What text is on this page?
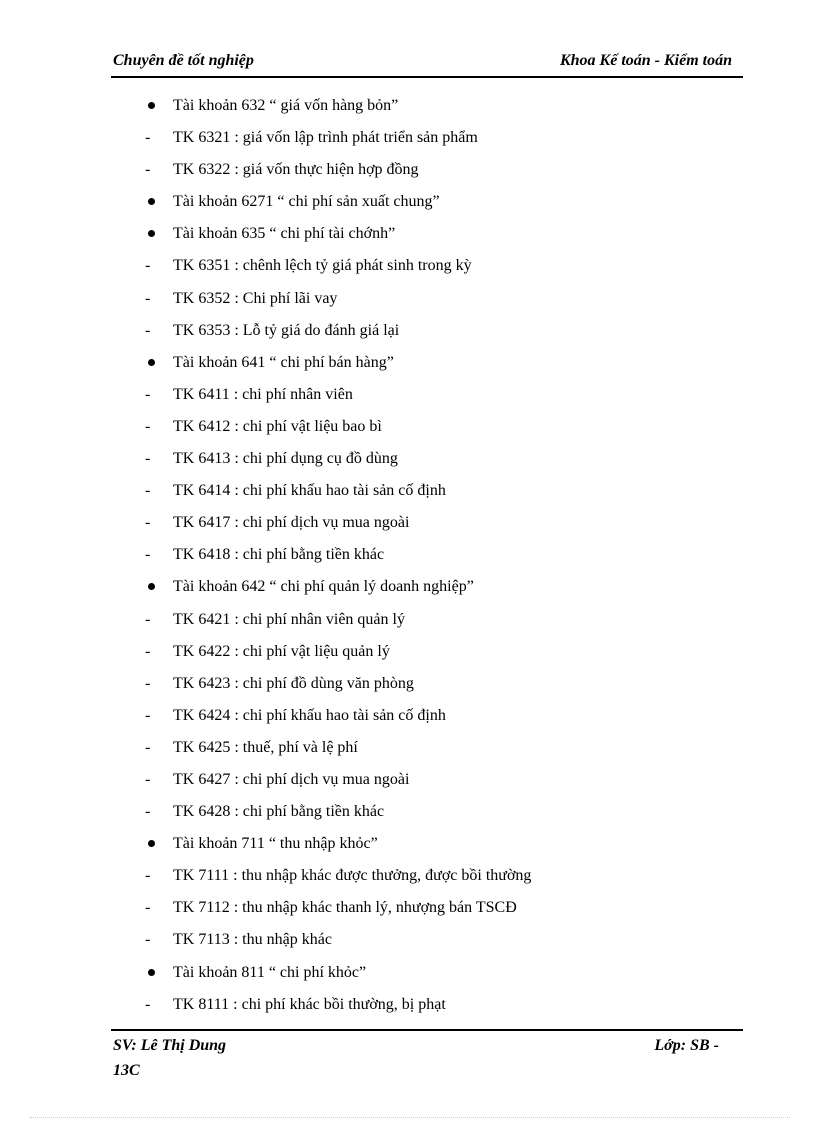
Chuyên đề tốt nghiệp	Khoa Kế toán - Kiểm toán
Tài khoản 632 “ giá vốn hàng bỏn”
-	TK 6321 : giá vốn lập trình phát triển sản phẩm
-	TK 6322 : giá vốn thực hiện hợp đồng
Tài khoản 6271 “ chi phí sản xuất chung”
Tài khoản 635 “ chi phí tài chớnh”
-	TK 6351 : chênh lệch tỷ giá phát sinh trong kỳ
-	TK 6352 : Chi phí lãi vay
-	TK 6353 : Lỗ tỷ giá do đánh giá lại
Tài khoản 641 “ chi phí bán hàng”
-	TK 6411 : chi phí nhân viên
-	TK 6412 : chi phí vật liệu bao bì
-	TK 6413 : chi phí dụng cụ đồ dùng
-	TK 6414 : chi phí khấu hao tài sản cố định
-	TK 6417 : chi phí dịch vụ mua ngoài
-	TK 6418 : chi phí bằng tiền khác
Tài khoản 642 “ chi phí quản lý doanh nghiệp”
-	TK 6421 : chi phí nhân viên quản lý
-	TK 6422 : chi phí vật liệu quản lý
-	TK 6423 : chi phí đồ dùng văn phòng
-	TK 6424 : chi phí khấu hao tài sản cố định
-	TK 6425 : thuế, phí và lệ phí
-	TK 6427 : chi phí dịch vụ mua ngoài
-	TK 6428 : chi phí bằng tiền khác
Tài khoản 711 “ thu nhập khỏc”
-	TK 7111 : thu nhập khác được thưởng, được bồi thường
-	TK 7112 : thu nhập khác thanh lý, nhượng bán TSCĐ
-	TK 7113 : thu nhập khác
Tài khoản 811 “ chi phí khỏc”
-	TK 8111 : chi phí khác bồi thường, bị phạt
SV: Lê Thị Dung	Lớp: SB -
13C
